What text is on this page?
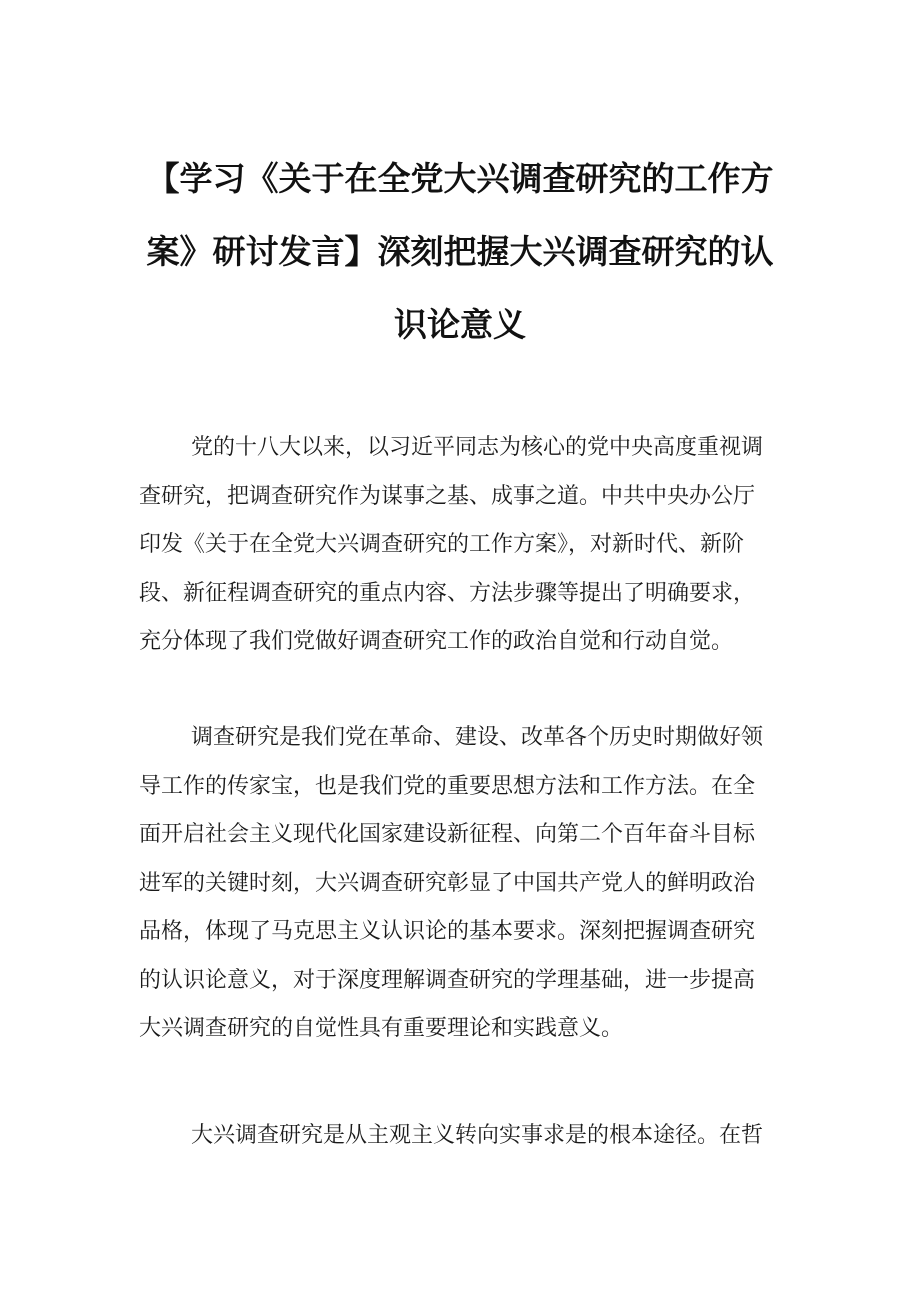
【学习《关于在全党大兴调查研究的工作方
案》研讨发言】深刻把握大兴调查研究的认
识论意义
党的十八大以来，以习近平同志为核心的党中央高度重视调
查研究，把调查研究作为谋事之基、成事之道。中共中央办公厅
印发《关于在全党大兴调查研究的工作方案》，对新时代、新阶
段、新征程调查研究的重点内容、方法步骤等提出了明确要求，
充分体现了我们党做好调查研究工作的政治自觉和行动自觉。
调查研究是我们党在革命、建设、改革各个历史时期做好领
导工作的传家宝，也是我们党的重要思想方法和工作方法。在全
面开启社会主义现代化国家建设新征程、向第二个百年奋斗目标
进军的关键时刻，大兴调查研究彰显了中国共产党人的鲜明政治
品格，体现了马克思主义认识论的基本要求。深刻把握调查研究
的认识论意义，对于深度理解调查研究的学理基础，进一步提高
大兴调查研究的自觉性具有重要理论和实践意义。
大兴调查研究是从主观主义转向实事求是的根本途径。在哲
